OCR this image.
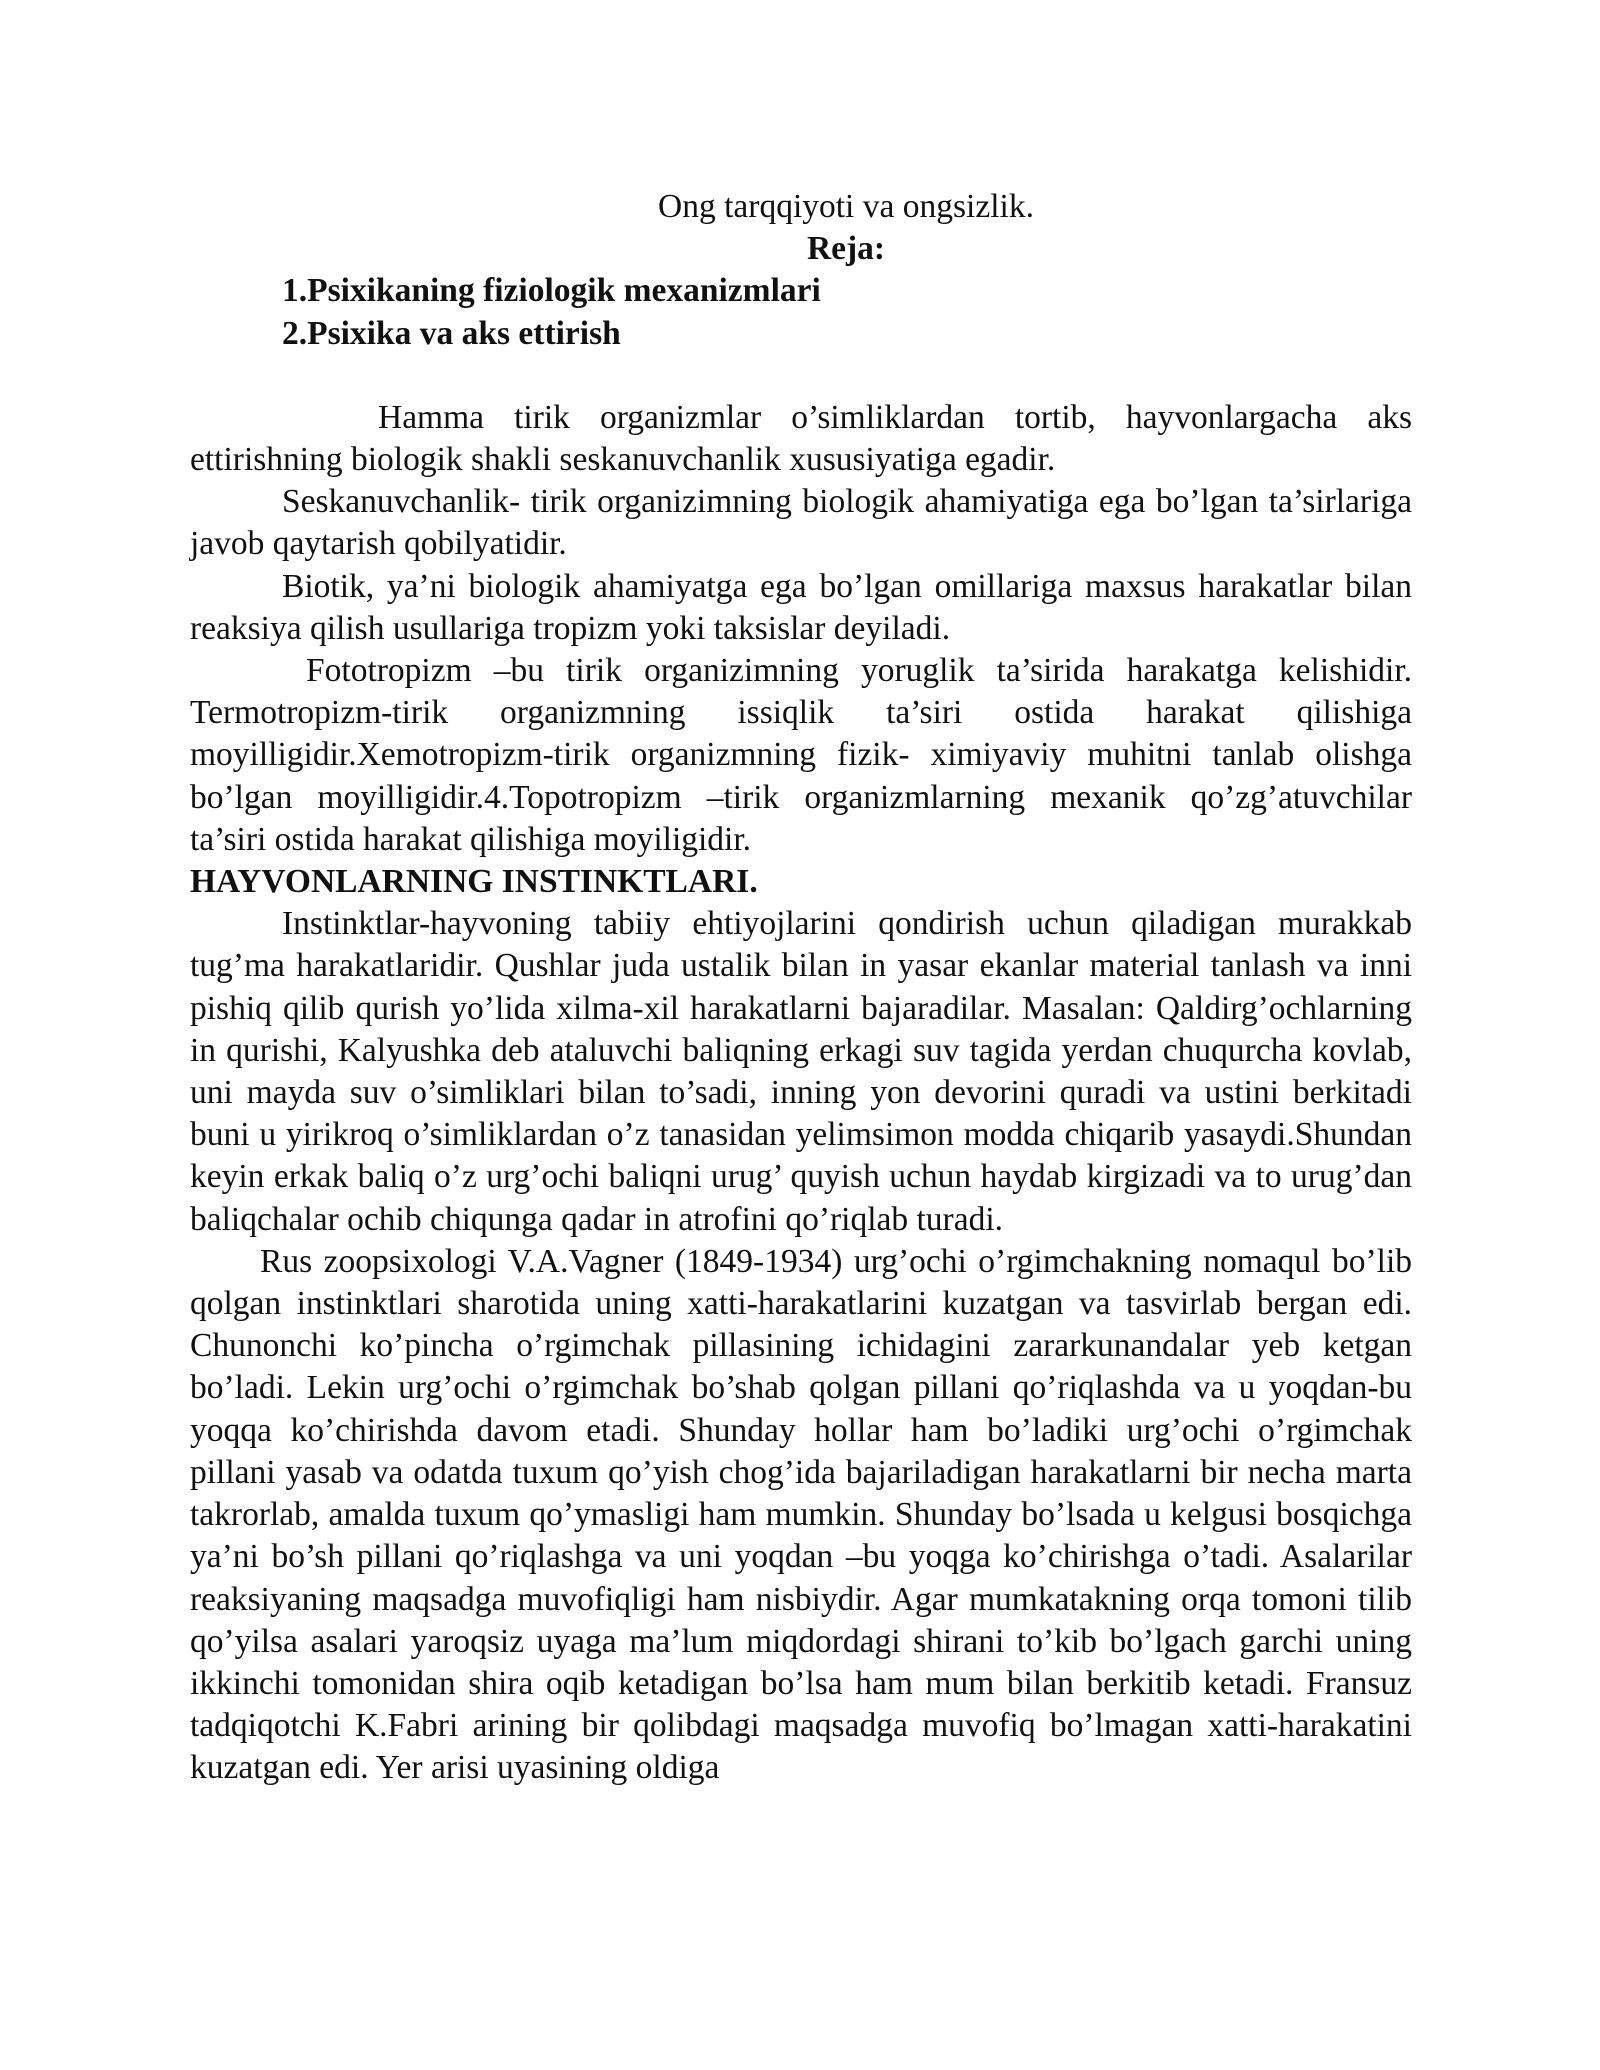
Ong tarqqiyoti va ongsizlik.

Reja:

1.Psixikaning fiziologik mexanizmlari

2.Psixika va aks ettirish

Hamma tirik organizmlar o’simliklardan tortib, hayvonlargacha aks ettirishning biologik shakli seskanuvchanlik xususiyatiga egadir.

Seskanuvchanlik- tirik organizimning biologik ahamiyatiga ega bo’lgan ta’sirlariga javob qaytarish qobilyatidir.

Biotik, ya’ni biologik ahamiyatga ega bo’lgan omillariga maxsus harakatlar bilan reaksiya qilish usullariga tropizm yoki taksislar deyiladi.

Fototropizm –bu tirik organizimning yoruglik ta’sirida harakatga kelishidir. Termotropizm-tirik organizmning issiqlik ta’siri ostida harakat qilishiga moyilligidir.Xemotropizm-tirik organizmning fizik- ximiyaviy muhitni tanlab olishga bo’lgan moyilligidir.4.Topotropizm –tirik organizmlarning mexanik qo’zg’atuvchilar ta’siri ostida harakat qilishiga moyiligidir.

HAYVONLARNING INSTINKTLARI.

Instinktlar-hayvoning tabiiy ehtiyojlarini qondirish uchun qiladigan murakkab tug’ma harakatlaridir. Qushlar juda ustalik bilan in yasar ekanlar material tanlash va inni pishiq qilib qurish yo’lida xilma-xil harakatlarni bajaradilar. Masalan: Qaldirg’ochlarning in qurishi, Kalyushka deb ataluvchi baliqning erkagi suv tagida yerdan chuqurcha kovlab, uni mayda suv o’simliklari bilan to’sadi, inning yon devorini quradi va ustini berkitadi buni u yirikroq o’simliklardan o’z tanasidan yelimsimon modda chiqarib yasaydi.Shundan keyin erkak baliq o’z urg’ochi baliqni urug’ quyish uchun haydab kirgizadi va to urug’dan baliqchalar ochib chiqunga qadar in atrofini qo’riqlab turadi.

Rus zoopsixologi V.A.Vagner (1849-1934) urg’ochi o’rgimchakning nomaqul bo’lib qolgan instinktlari sharotida uning xatti-harakatlarini kuzatgan va tasvirlab bergan edi. Chunonchi ko’pincha o’rgimchak pillasining ichidagini zararkunandalar yeb ketgan bo’ladi. Lekin urg’ochi o’rgimchak bo’shab qolgan pillani qo’riqlashda va u yoqdan-bu yoqqa ko’chirishda davom etadi. Shunday hollar ham bo’ladiki urg’ochi o’rgimchak pillani yasab va odatda tuxum qo’yish chog’ida bajariladigan harakatlarni bir necha marta takrorlab, amalda tuxum qo’ymasligi ham mumkin. Shunday bo’lsada u kelgusi bosqichga ya’ni bo’sh pillani qo’riqlashga va uni yoqdan –bu yoqga ko’chirishga o’tadi. Asalarilar reaksiyaning maqsadga muvofiqligi ham nisbiydir. Agar mumkatakning orqa tomoni tilib qo’yilsa asalari yaroqsiz uyaga ma’lum miqdordagi shirani to’kib bo’lgach garchi uning ikkinchi tomonidan shira oqib ketadigan bo’lsa ham mum bilan berkitib ketadi. Fransuz tadqiqotchi K.Fabri arining bir qolibdagi maqsadga muvofiq bo’lmagan xatti-harakatini kuzatgan edi. Yer arisi uyasining oldiga
